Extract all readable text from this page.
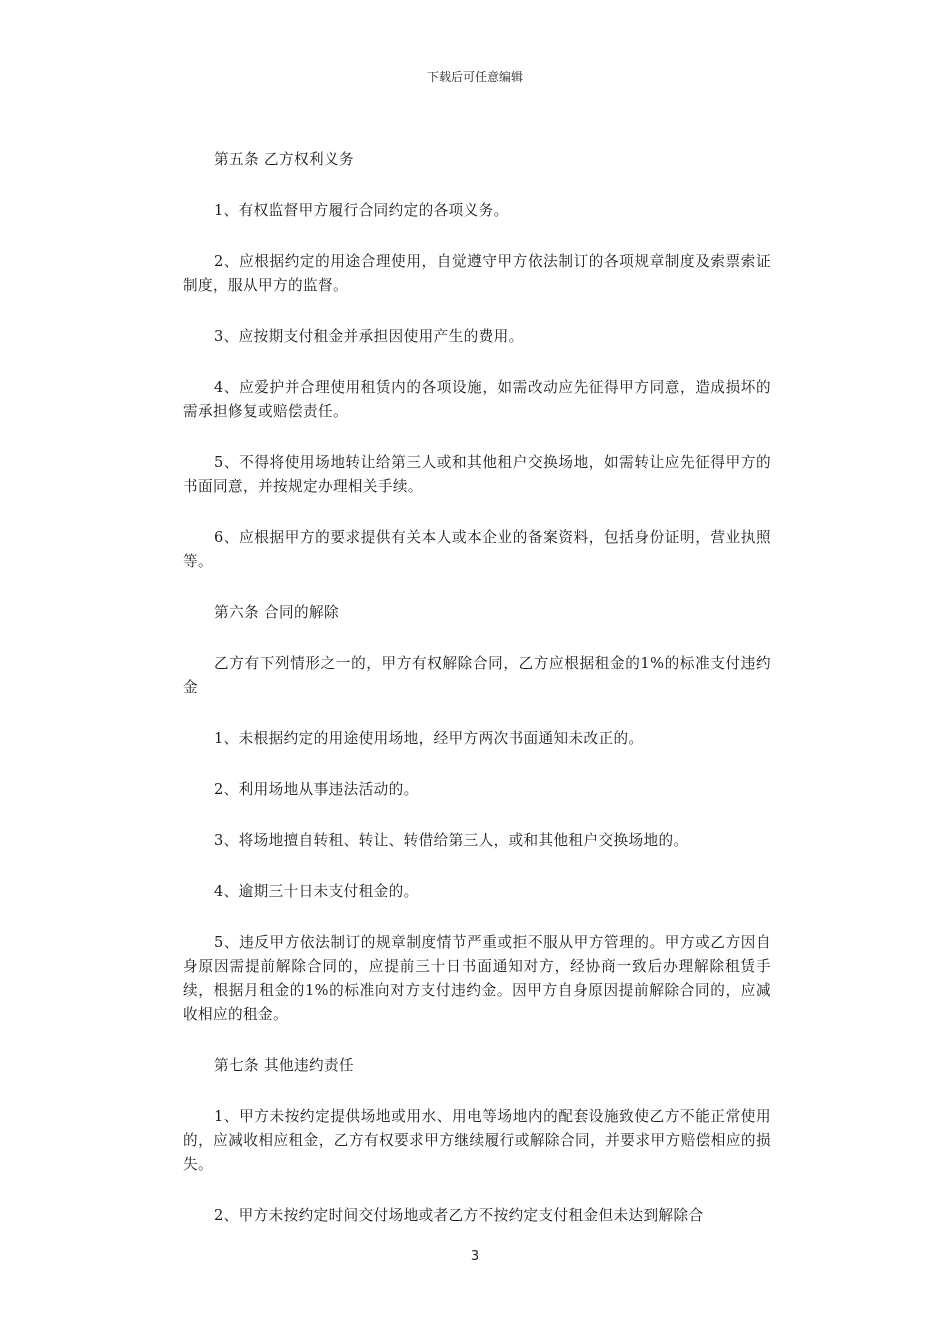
下载后可任意编辑

第五条 乙方权利义务

1、有权监督甲方履行合同约定的各项义务。

2、应根据约定的用途合理使用，自觉遵守甲方依法制订的各项规章制度及索票索证制度，服从甲方的监督。

3、应按期支付租金并承担因使用产生的费用。

4、应爱护并合理使用租赁内的各项设施，如需改动应先征得甲方同意，造成损坏的需承担修复或赔偿责任。

5、不得将使用场地转让给第三人或和其他租户交换场地，如需转让应先征得甲方的书面同意，并按规定办理相关手续。

6、应根据甲方的要求提供有关本人或本企业的备案资料，包括身份证明，营业执照等。

第六条 合同的解除

乙方有下列情形之一的，甲方有权解除合同，乙方应根据租金的1%的标准支付违约金

1、未根据约定的用途使用场地，经甲方两次书面通知未改正的。

2、利用场地从事违法活动的。

3、将场地擅自转租、转让、转借给第三人，或和其他租户交换场地的。

4、逾期三十日未支付租金的。

5、违反甲方依法制订的规章制度情节严重或拒不服从甲方管理的。甲方或乙方因自身原因需提前解除合同的，应提前三十日书面通知对方，经协商一致后办理解除租赁手续，根据月租金的1%的标准向对方支付违约金。因甲方自身原因提前解除合同的，应减收相应的租金。

第七条 其他违约责任

1、甲方未按约定提供场地或用水、用电等场地内的配套设施致使乙方不能正常使用的，应减收相应租金，乙方有权要求甲方继续履行或解除合同，并要求甲方赔偿相应的损失。

2、甲方未按约定时间交付场地或者乙方不按约定支付租金但未达到解除合

3
